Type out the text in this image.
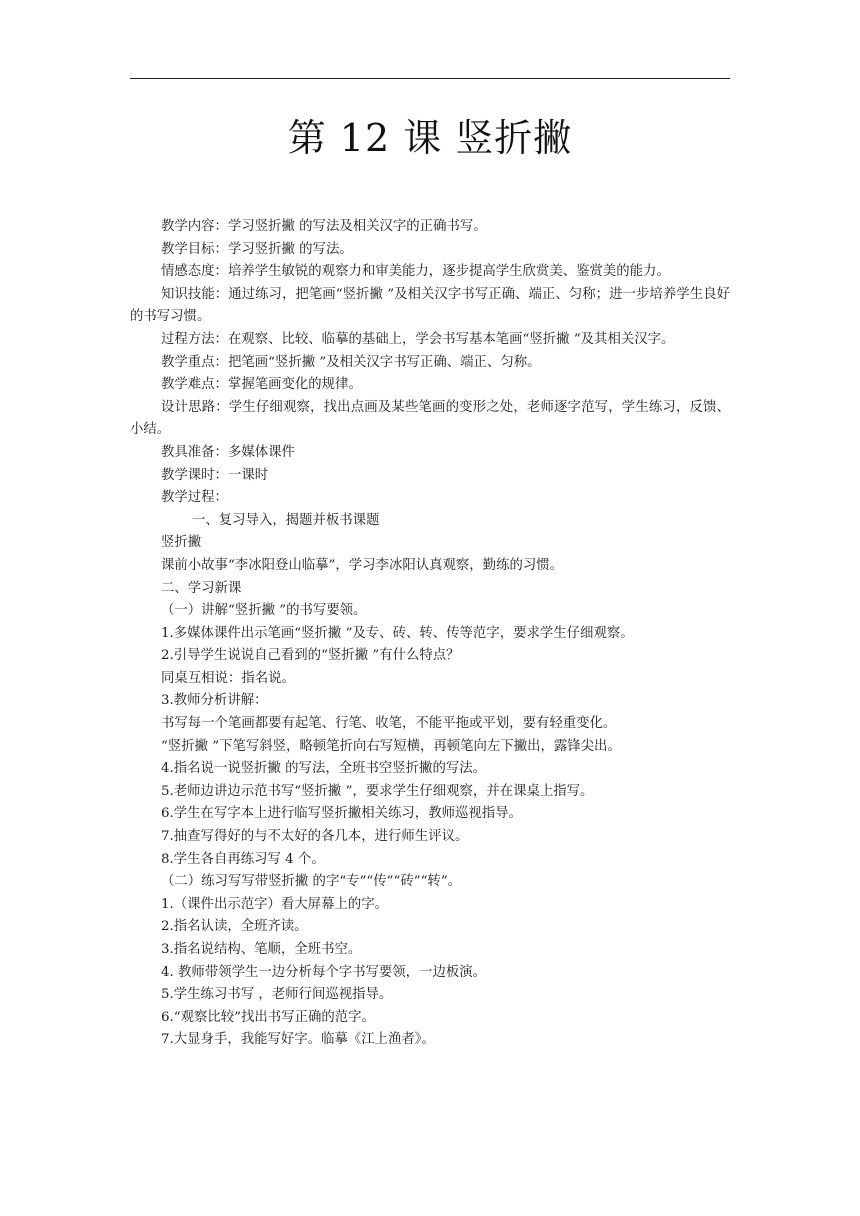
第 12 课 竖折撇

教学内容：学习竖折撇 的写法及相关汉字的正确书写。

教学目标：学习竖折撇 的写法。

情感态度：培养学生敏锐的观察力和审美能力，逐步提高学生欣赏美、鉴赏美的能力。

知识技能：通过练习，把笔画“竖折撇 ”及相关汉字书写正确、端正、匀称；进一步培养学生良好的书写习惯。

过程方法：在观察、比较、临摹的基础上，学会书写基本笔画“竖折撇 ”及其相关汉字。

教学重点：把笔画“竖折撇 ”及相关汉字书写正确、端正、匀称。

教学难点：掌握笔画变化的规律。

设计思路：学生仔细观察，找出点画及某些笔画的变形之处，老师逐字范写，学生练习，反馈、小结。

教具准备：多媒体课件

教学课时：一课时

教学过程：

一、复习导入，揭题并板书课题

竖折撇

课前小故事“李冰阳登山临摹”，学习李冰阳认真观察，勤练的习惯。

二、学习新课

（一）讲解“竖折撇 ”的书写要领。

1.多媒体课件出示笔画“竖折撇 ”及专、砖、转、传等范字，要求学生仔细观察。

2.引导学生说说自己看到的“竖折撇 ”有什么特点？

同桌互相说：指名说。

3.教师分析讲解：

书写每一个笔画都要有起笔、行笔、收笔，不能平拖或平划，要有轻重变化。

“竖折撇 ”下笔写斜竖，略顿笔折向右写短横，再顿笔向左下撇出，露锋尖出。

4.指名说一说竖折撇 的写法，全班书空竖折撇的写法。

5.老师边讲边示范书写“竖折撇 ”，要求学生仔细观察，并在课桌上指写。

6.学生在写字本上进行临写竖折撇相关练习，教师巡视指导。

7.抽查写得好的与不太好的各几本，进行师生评议。

8.学生各自再练习写 4 个。

（二）练习写写带竖折撇 的字“专”“传”“砖”“转”。

1.（课件出示范字）看大屏幕上的字。

2.指名认读，全班齐读。

3.指名说结构、笔顺，全班书空。

4. 教师带领学生一边分析每个字书写要领，一边板演。

5.学生练习书写 ，老师行间巡视指导。

6.“观察比较”找出书写正确的范字。

7.大显身手，我能写好字。临摹《江上渔者》。
